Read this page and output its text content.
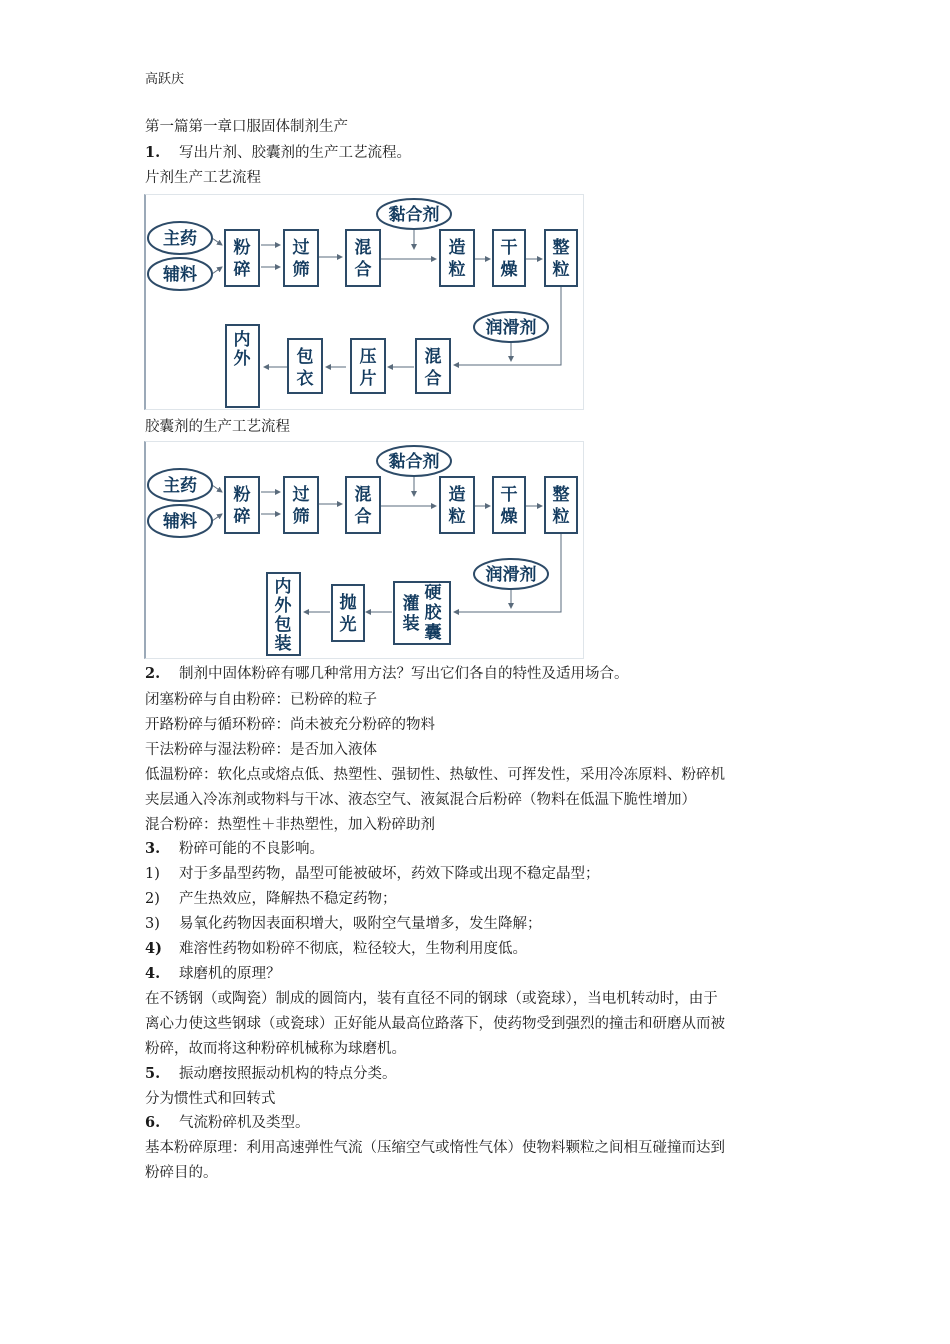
高跃庆
第一篇第一章口服固体制剂生产
1. 写出片剂、胶囊剂的生产工艺流程。
片剂生产工艺流程
主药
辅料
粉
碎
过
筛
混
合
黏合剂
造
粒
干
燥
整
粒
润滑剂
混
合
压
片
包
衣
内
外
胶囊剂的生产工艺流程
主药
辅料
粉
碎
过
筛
混
合
黏合剂
造
粒
干
燥
整
粒
润滑剂
灌
装
硬
胶
囊
抛
光
内
外
包
装
2. 制剂中固体粉碎有哪几种常用方法？写出它们各自的特性及适用场合。
闭塞粉碎与自由粉碎：已粉碎的粒子
开路粉碎与循环粉碎：尚未被充分粉碎的物料
干法粉碎与湿法粉碎：是否加入液体
低温粉碎：软化点或熔点低、热塑性、强韧性、热敏性、可挥发性，采用冷冻原料、粉碎机
夹层通入冷冻剂或物料与干冰、液态空气、液氮混合后粉碎（物料在低温下脆性增加）
混合粉碎：热塑性＋非热塑性，加入粉碎助剂
3. 粉碎可能的不良影响。
1) 对于多晶型药物，晶型可能被破坏，药效下降或出现不稳定晶型；
2) 产生热效应，降解热不稳定药物；
3) 易氧化药物因表面积增大，吸附空气量增多，发生降解；
4) 难溶性药物如粉碎不彻底，粒径较大，生物利用度低。
4. 球磨机的原理？
在不锈钢（或陶瓷）制成的圆筒内，装有直径不同的钢球（或瓷球），当电机转动时，由于
离心力使这些钢球（或瓷球）正好能从最高位路落下，使药物受到强烈的撞击和研磨从而被
粉碎，故而将这种粉碎机械称为球磨机。
5. 振动磨按照振动机构的特点分类。
分为惯性式和回转式
6. 气流粉碎机及类型。
基本粉碎原理：利用高速弹性气流（压缩空气或惰性气体）使物料颗粒之间相互碰撞而达到
粉碎目的。
